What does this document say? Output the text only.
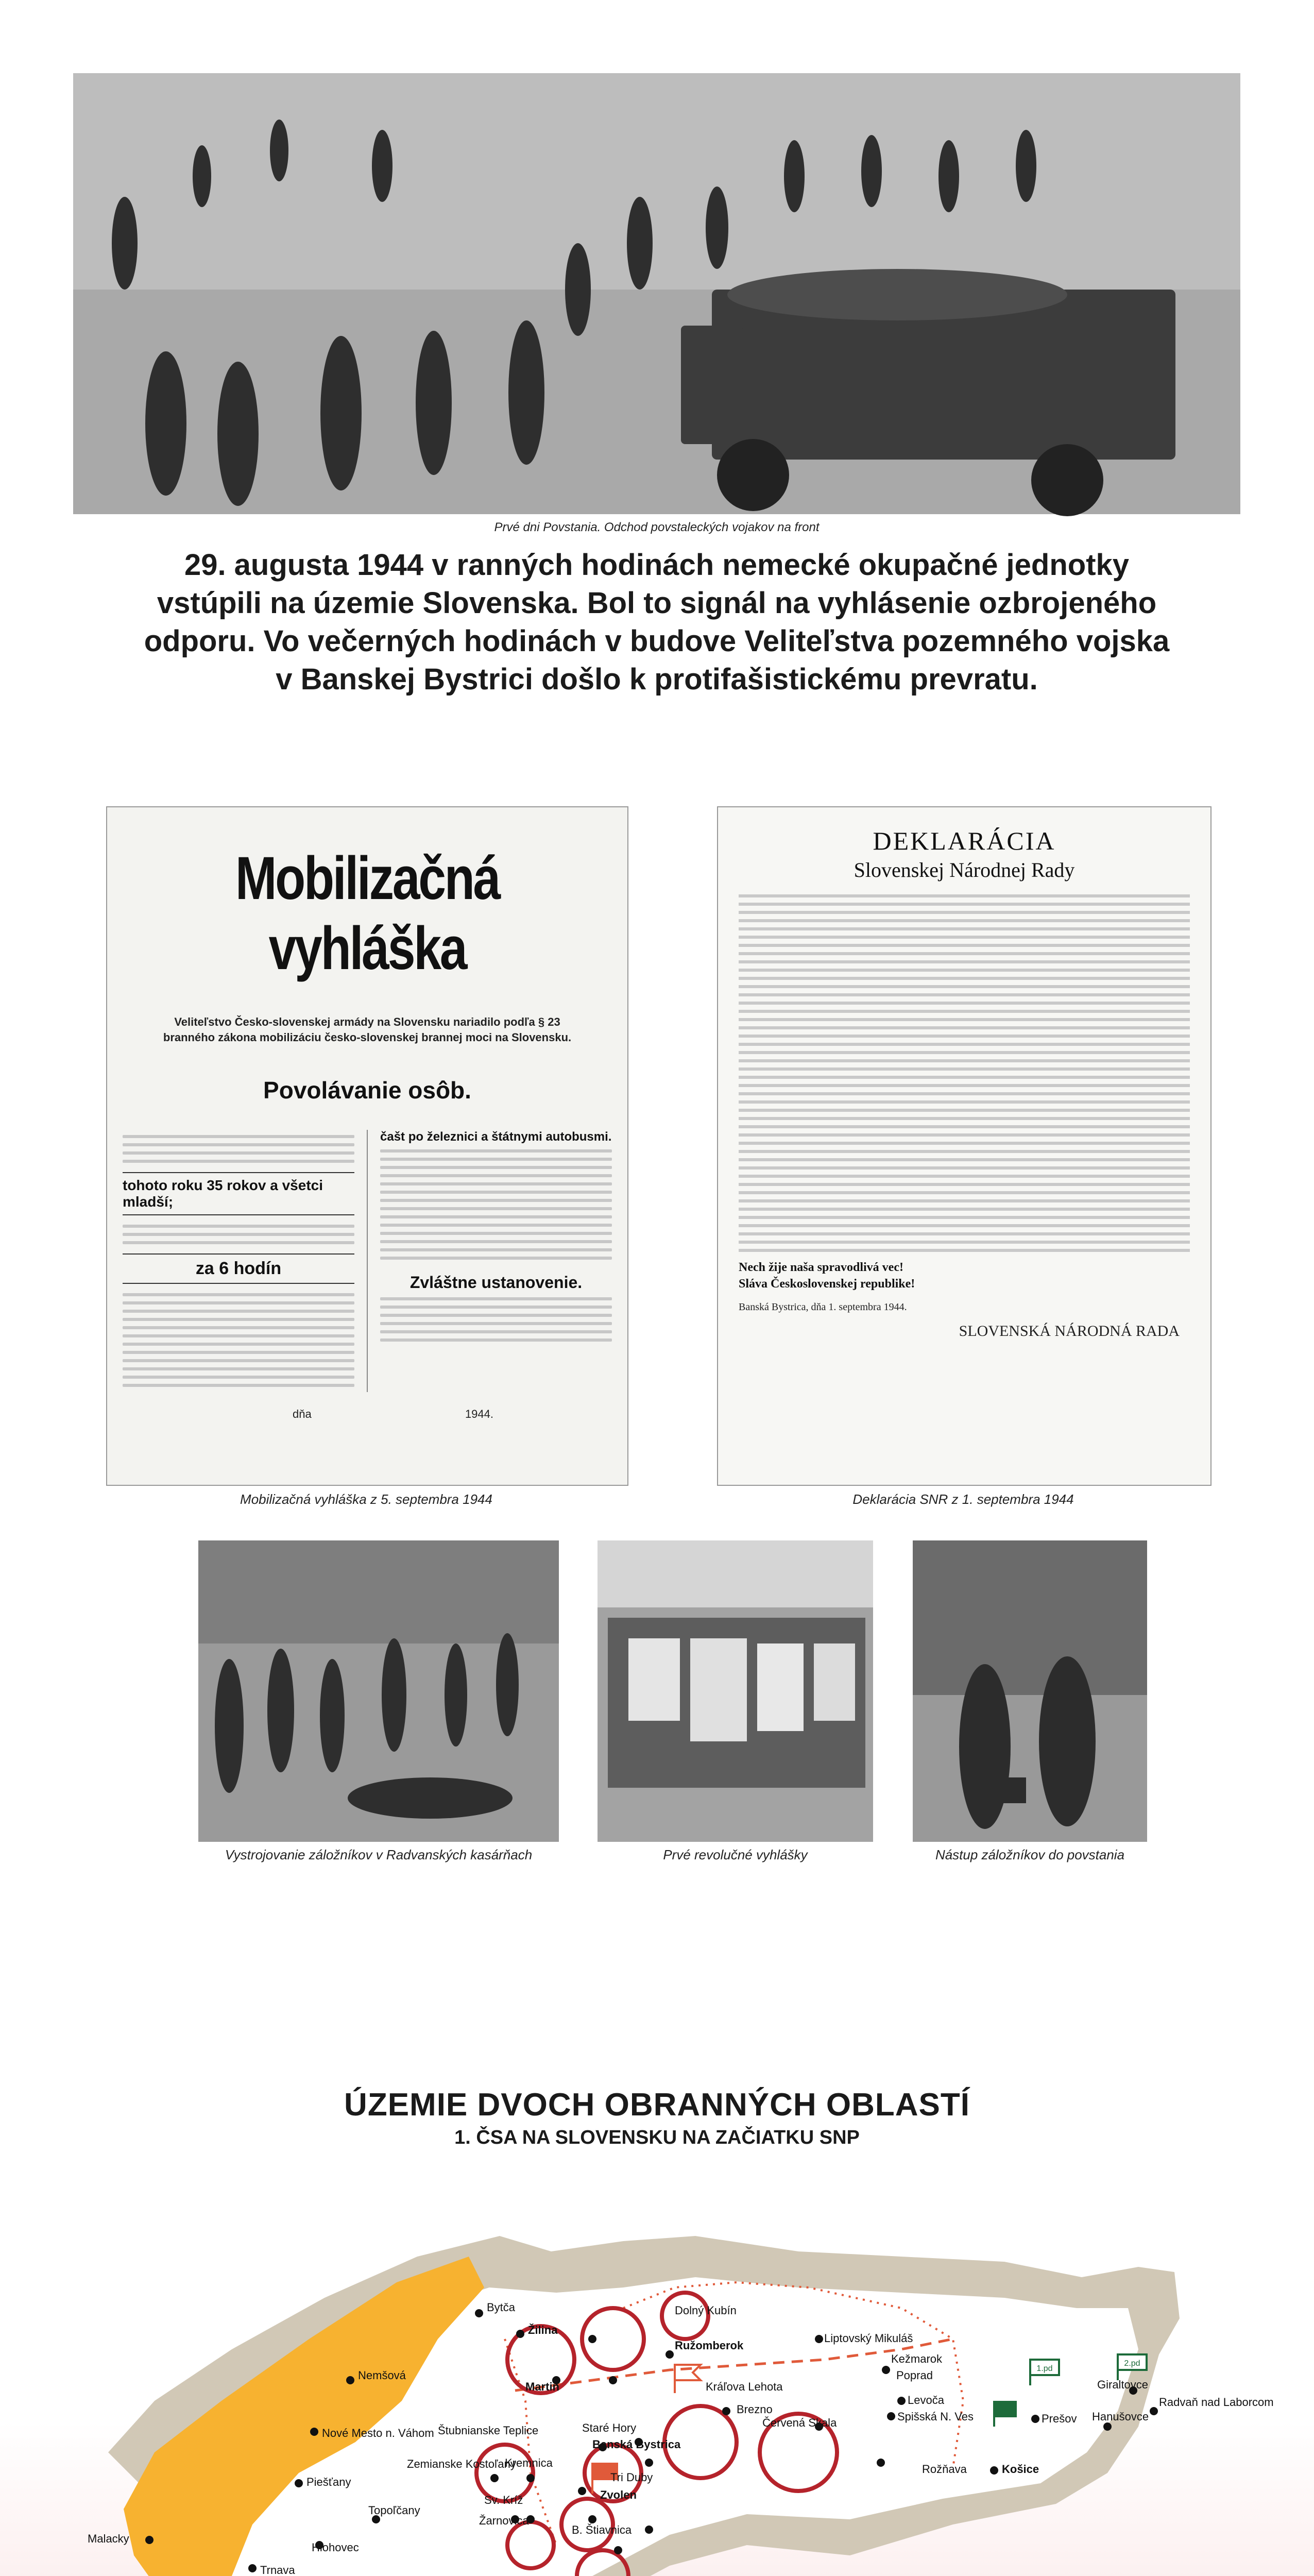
Prvé dni Povstania. Odchod povstaleckých vojakov na front
29. augusta 1944 v ranných hodinách nemecké okupačné jednotky
vstúpili na územie Slovenska. Bol to signál na vyhlásenie ozbrojeného
odporu. Vo večerných hodinách v budove Veliteľstva pozemného vojska
v Banskej Bystrici došlo k protifašistickému prevratu.
Mobilizačná vyhláška
Veliteľstvo Česko-slovenskej armády na Slovensku nariadilo podľa § 23
branného zákona mobilizáciu česko-slovenskej brannej moci na Slovensku.
Povolávanie osôb.
tohoto roku 35 rokov a všetci mladší;
za 6 hodín
čašt po železnici a štátnymi autobusmi.
Zvláštne ustanovenie.
dňa	1944.
Mobilizačná vyhláška z 5. septembra 1944
DEKLARÁCIA
Slovenskej Národnej Rady
Nech žije naša spravodlivá vec!
Sláva Československej republike!
Banská Bystrica, dňa 1. septembra 1944.
SLOVENSKÁ NÁRODNÁ RADA
Deklarácia SNR z 1. septembra 1944
Vystrojovanie záložníkov v Radvanských kasárňach	Prvé revolučné vyhlášky	Nástup záložníkov do povstania
ÚZEMIE DVOCH OBRANNÝCH OBLASTÍ
1. ČSA NA SLOVENSKU NA ZAČIATKU SNP
1.pd
2.pd
Bytča
Žilina
Dolný Kubín
Ružomberok
Liptovský Mikuláš
Kežmarok
Poprad
Levoča
Spišská N. Ves
Giraltovce
Prešov Hanušovce
Radvaň nad Laborcom
Nemšová
Martin	Kráľova Lehota
Nové Mesto n. Váhom Štubnianske Teplice	Staré Hory
Banská Bystrica
Brezno
Červená Skala
Rožňava	Košice
Malacky
Piešťany
Zemianske Kostoľany
Kremnica
Tri Duby
Zvolen
Sv. Kríž
Žarnovica
Topoľčany
Hlohovec
B. Štiavnica
Trnava
